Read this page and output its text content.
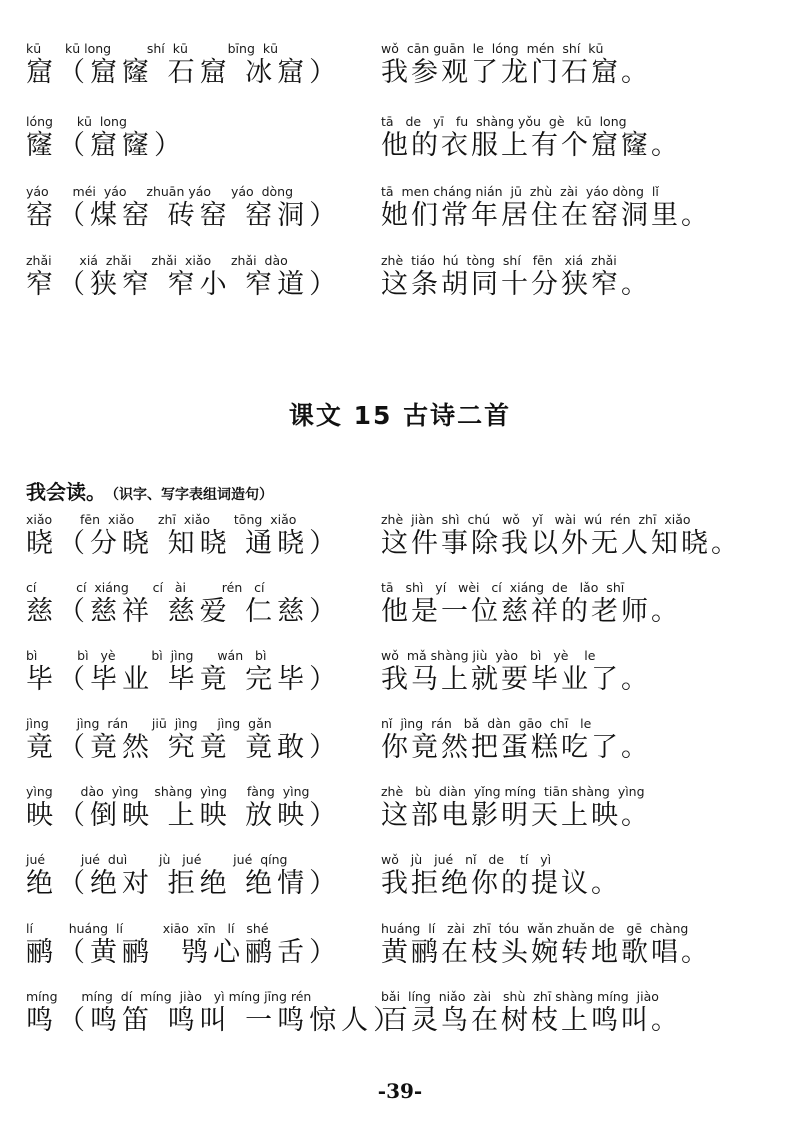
kū      kū long         shí  kū          bīng  kū
窟（窟窿 石窟 冰窟）
wǒ  cān guān  le  lóng  mén  shí  kū
我参观了龙门石窟。
lóng      kū  long
窿（窟窿）
tā   de   yī   fu  shàng yǒu  gè   kū  long
他的衣服上有个窟窿。
yáo      méi  yáo     zhuān yáo     yáo  dòng
窑（煤窑 砖窑 窑洞）
tā  men cháng nián  jū  zhù  zài  yáo dòng  lǐ
她们常年居住在窑洞里。
zhǎi       xiá  zhǎi     zhǎi  xiǎo     zhǎi  dào
窄（狭窄 窄小 窄道）
zhè  tiáo  hú  tòng  shí   fēn   xiá  zhǎi
这条胡同十分狭窄。
课文 15 古诗二首
我会读。 （识字、写字表组词造句）
xiǎo       fēn  xiǎo      zhī  xiǎo      tōng  xiǎo
晓（分晓 知晓 通晓）
zhè  jiàn  shì  chú   wǒ   yǐ   wài  wú  rén  zhī  xiǎo
这件事除我以外无人知晓。
cí          cí  xiáng      cí   ài         rén   cí
慈（慈祥 慈爱 仁慈）
tā   shì   yí   wèi   cí  xiáng  de   lǎo  shī
他是一位慈祥的老师。
bì          bì   yè         bì  jìng      wán   bì
毕（毕业 毕竟 完毕）
wǒ  mǎ shàng jiù  yào   bì   yè    le
我马上就要毕业了。
jìng       jìng  rán      jiū  jìng     jìng  gǎn
竟（竟然 究竟 竟敢）
nǐ  jìng  rán   bǎ  dàn  gāo  chī   le
你竟然把蛋糕吃了。
yìng       dào  yìng    shàng  yìng     fàng  yìng
映（倒映 上映 放映）
zhè   bù  diàn  yǐng míng  tiān shàng  yìng
这部电影明天上映。
jué         jué  duì        jù   jué        jué  qíng
绝（绝对 拒绝 绝情）
wǒ   jù   jué   nǐ   de    tí   yì
我拒绝你的提议。
lí         huáng  lí          xiāo  xīn   lí   shé
鹂（黄鹂  鸮心鹂舌）
huáng  lí   zài  zhī  tóu  wǎn zhuǎn de   gē  chàng
黄鹂在枝头婉转地歌唱。
míng      míng  dí  míng  jiào   yì míng jīng rén
鸣（鸣笛 鸣叫 一鸣惊人）
bǎi  líng  niǎo  zài   shù  zhī shàng míng  jiào
百灵鸟在树枝上鸣叫。
-39-
